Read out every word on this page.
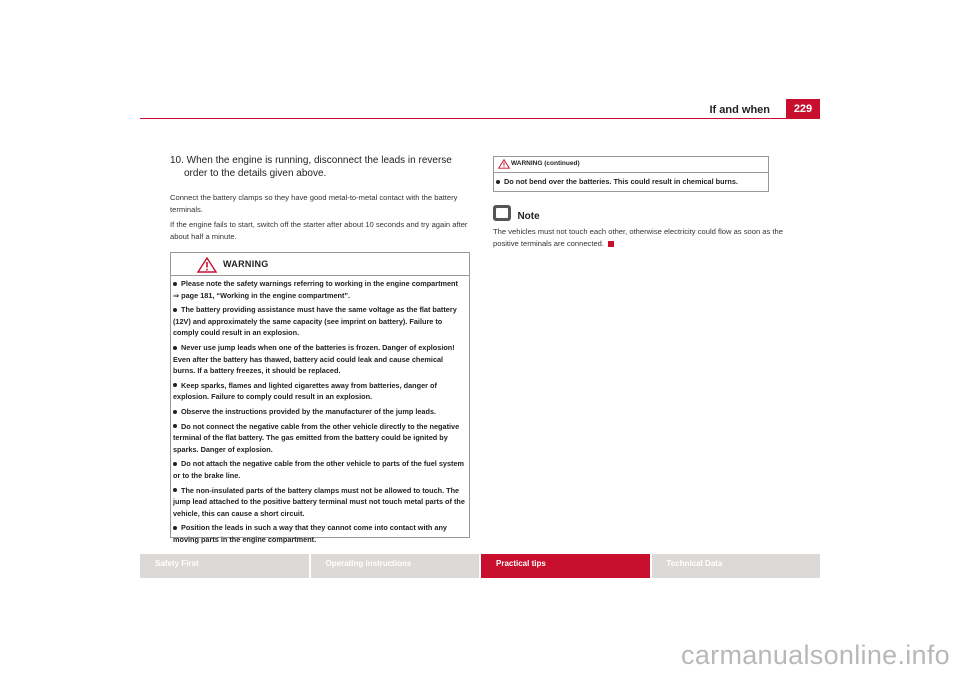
If and when	229

10. When the engine is running, disconnect the leads in reverse order to the details given above.

Connect the battery clamps so they have good metal-to-metal contact with the battery terminals.

If the engine fails to start, switch off the starter after about 10 seconds and try again after about half a minute.

WARNING

Please note the safety warnings referring to working in the engine compartment ⇒ page 181, “Working in the engine compartment”.

The battery providing assistance must have the same voltage as the flat battery (12V) and approximately the same capacity (see imprint on battery). Failure to comply could result in an explosion.

Never use jump leads when one of the batteries is frozen. Danger of explosion! Even after the battery has thawed, battery acid could leak and cause chemical burns. If a battery freezes, it should be replaced.

Keep sparks, flames and lighted cigarettes away from batteries, danger of explosion. Failure to comply could result in an explosion.

Observe the instructions provided by the manufacturer of the jump leads.

Do not connect the negative cable from the other vehicle directly to the negative terminal of the flat battery. The gas emitted from the battery could be ignited by sparks. Danger of explosion.

Do not attach the negative cable from the other vehicle to parts of the fuel system or to the brake line.

The non-insulated parts of the battery clamps must not be allowed to touch. The jump lead attached to the positive battery terminal must not touch metal parts of the vehicle, this can cause a short circuit.

Position the leads in such a way that they cannot come into contact with any moving parts in the engine compartment.

WARNING (continued)

Do not bend over the batteries. This could result in chemical burns.

Note

The vehicles must not touch each other, otherwise electricity could flow as soon as the positive terminals are connected.

Safety First	Operating instructions	Practical tips	Technical Data
carmanualsonline.info
